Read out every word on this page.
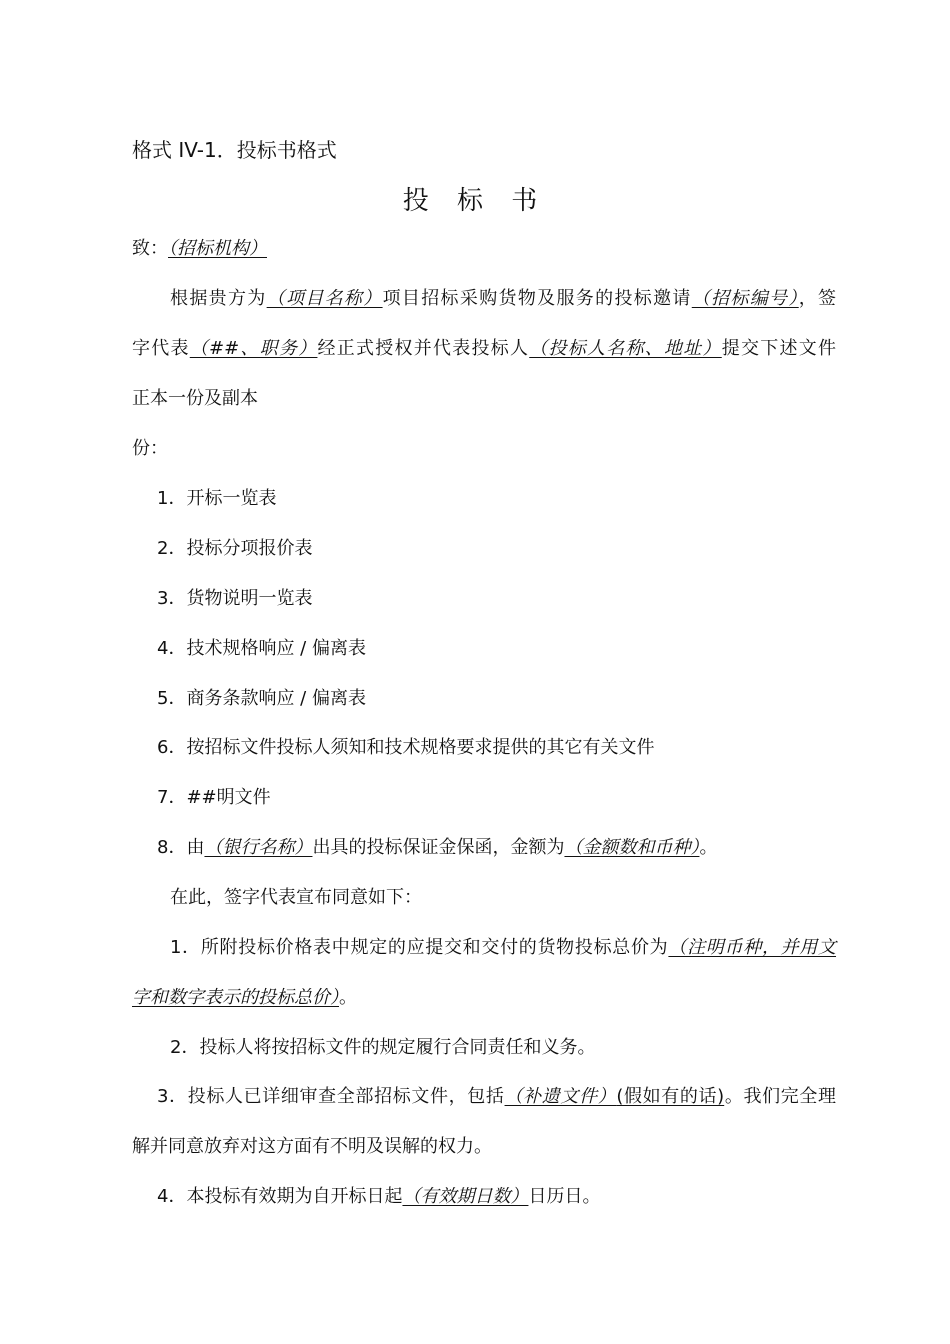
格式 IV-1．投标书格式
投 标 书
致：（招标机构）
根据贵方为（项目名称）项目招标采购货物及服务的投标邀请（招标编号），签
字代表（##、职务）经正式授权并代表投标人（投标人名称、地址）提交下述文件
正本一份及副本
份：
1．开标一览表
2．投标分项报价表
3．货物说明一览表
4．技术规格响应 / 偏离表
5．商务条款响应 / 偏离表
6．按招标文件投标人须知和技术规格要求提供的其它有关文件
7．##明文件
8．由（银行名称）出具的投标保证金保函，金额为（金额数和币种）。
在此，签字代表宣布同意如下：
1．所附投标价格表中规定的应提交和交付的货物投标总价为（注明币种，并用文
字和数字表示的投标总价）。
2．投标人将按招标文件的规定履行合同责任和义务。
3．投标人已详细审查全部招标文件，包括（补遗文件）(假如有的话)。我们完全理
解并同意放弃对这方面有不明及误解的权力。
4．本投标有效期为自开标日起（有效期日数）日历日。
